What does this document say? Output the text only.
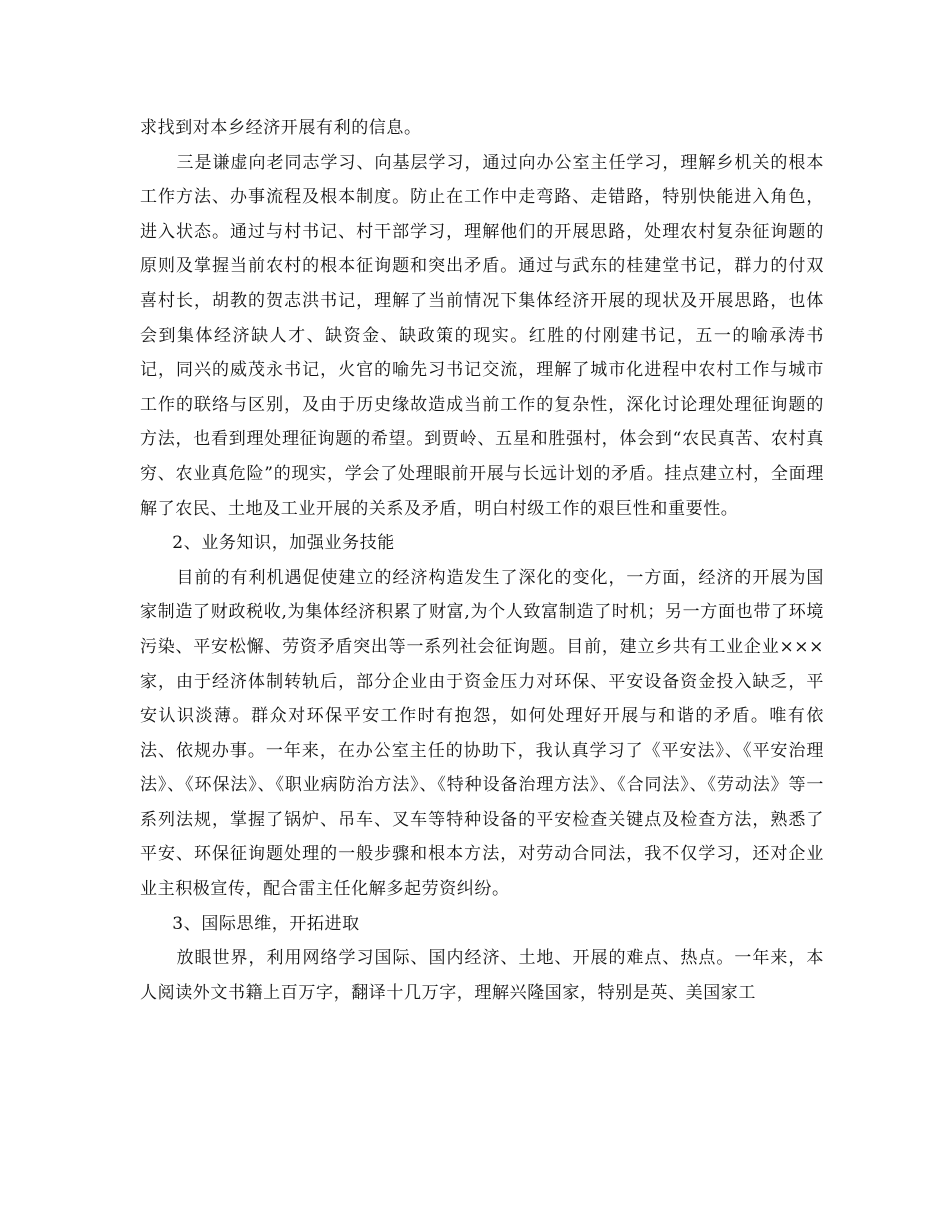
求找到对本乡经济开展有利的信息。

三是谦虚向老同志学习、向基层学习，通过向办公室主任学习，理解乡机关的根本工作方法、办事流程及根本制度。防止在工作中走弯路、走错路，特别快能进入角色，进入状态。通过与村书记、村干部学习，理解他们的开展思路，处理农村复杂征询题的原则及掌握当前农村的根本征询题和突出矛盾。通过与武东的桂建堂书记，群力的付双喜村长，胡教的贺志洪书记，理解了当前情况下集体经济开展的现状及开展思路，也体会到集体经济缺人才、缺资金、缺政策的现实。红胜的付刚建书记，五一的喻承涛书记，同兴的威茂永书记，火官的喻先习书记交流，理解了城市化进程中农村工作与城市工作的联络与区别，及由于历史缘故造成当前工作的复杂性，深化讨论理处理征询题的方法，也看到理处理征询题的希望。到贾岭、五星和胜强村，体会到“农民真苦、农村真穷、农业真危险”的现实，学会了处理眼前开展与长远计划的矛盾。挂点建立村，全面理解了农民、土地及工业开展的关系及矛盾，明白村级工作的艰巨性和重要性。

2、业务知识，加强业务技能

目前的有利机遇促使建立的经济构造发生了深化的变化，一方面，经济的开展为国家制造了财政税收,为集体经济积累了财富,为个人致富制造了时机；另一方面也带了环境污染、平安松懈、劳资矛盾突出等一系列社会征询题。目前，建立乡共有工业企业×××家，由于经济体制转轨后，部分企业由于资金压力对环保、平安设备资金投入缺乏，平安认识淡薄。群众对环保平安工作时有抱怨，如何处理好开展与和谐的矛盾。唯有依法、依规办事。一年来，在办公室主任的协助下，我认真学习了《平安法》、《平安治理法》、《环保法》、《职业病防治方法》、《特种设备治理方法》、《合同法》、《劳动法》等一系列法规，掌握了锅炉、吊车、叉车等特种设备的平安检查关键点及检查方法，熟悉了平安、环保征询题处理的一般步骤和根本方法，对劳动合同法，我不仅学习，还对企业业主积极宣传，配合雷主任化解多起劳资纠纷。

3、国际思维，开拓进取

放眼世界，利用网络学习国际、国内经济、土地、开展的难点、热点。一年来，本人阅读外文书籍上百万字，翻译十几万字，理解兴隆国家，特别是英、美国家工
